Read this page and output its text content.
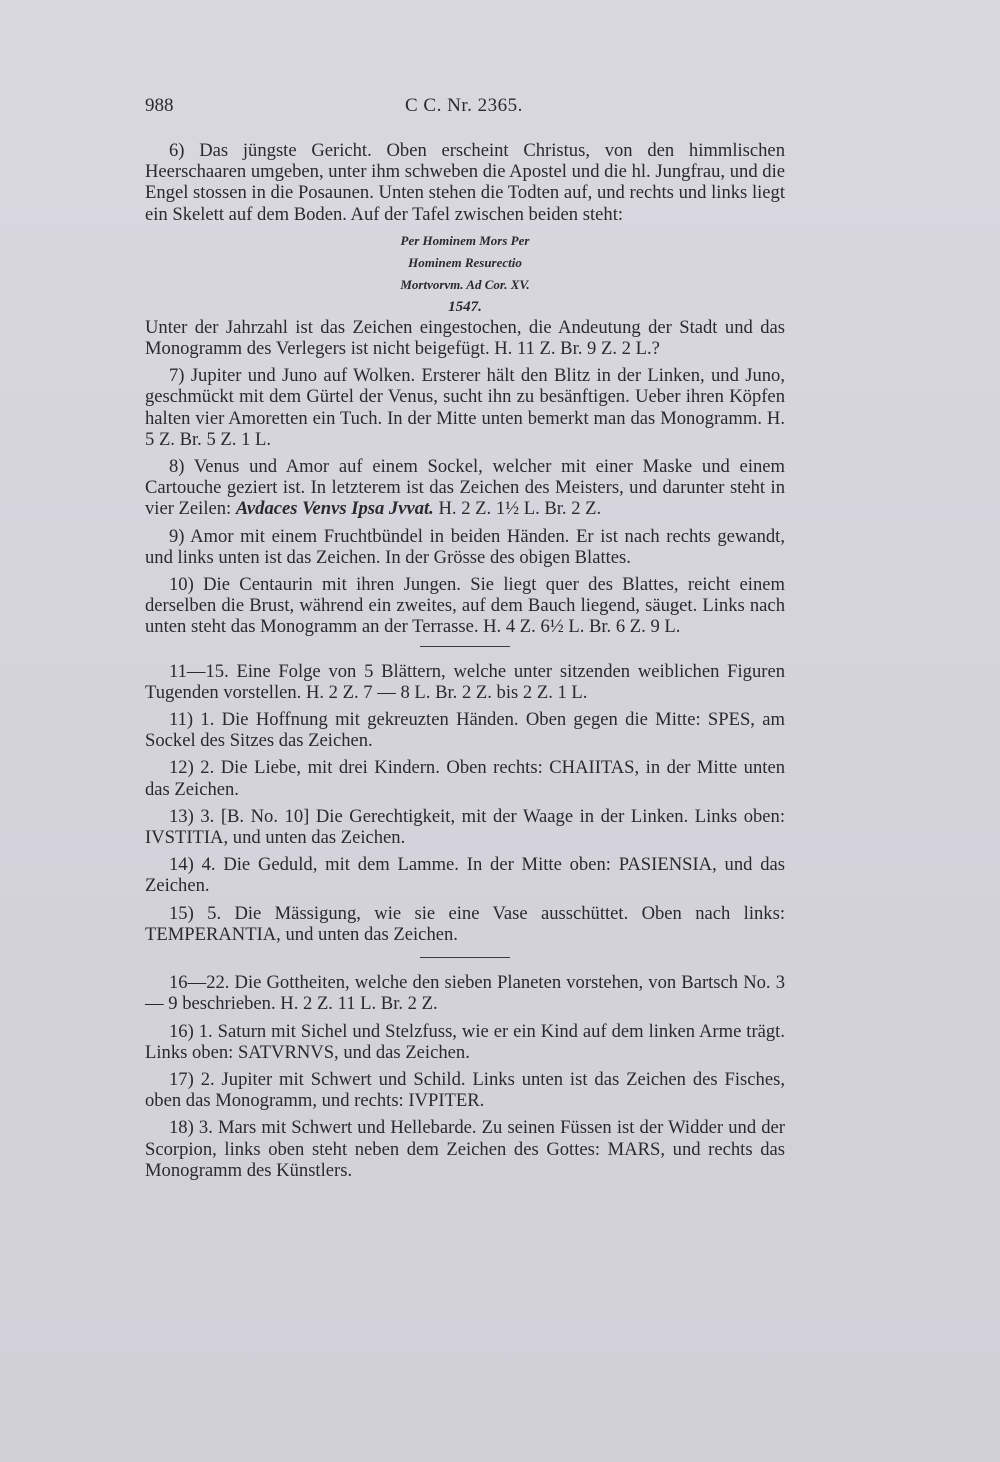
988	C C. Nr. 2365.

6) Das jüngste Gericht. Oben erscheint Christus, von den himmlischen Heerschaaren umgeben, unter ihm schweben die Apostel und die hl. Jungfrau, und die Engel stossen in die Posaunen. Unten stehen die Todten auf, und rechts und links liegt ein Skelett auf dem Boden. Auf der Tafel zwischen beiden steht:

Per Hominem Mors Per
Hominem Resurectio
Mortvorvm. Ad Cor. XV.
1547.

Unter der Jahrzahl ist das Zeichen eingestochen, die Andeutung der Stadt und das Monogramm des Verlegers ist nicht beigefügt. H. 11 Z. Br. 9 Z. 2 L.?

7) Jupiter und Juno auf Wolken. Ersterer hält den Blitz in der Linken, und Juno, geschmückt mit dem Gürtel der Venus, sucht ihn zu besänftigen. Ueber ihren Köpfen halten vier Amoretten ein Tuch. In der Mitte unten bemerkt man das Monogramm. H. 5 Z. Br. 5 Z. 1 L.

8) Venus und Amor auf einem Sockel, welcher mit einer Maske und einem Cartouche geziert ist. In letzterem ist das Zeichen des Meisters, und darunter steht in vier Zeilen: Avdaces Venvs Ipsa Jvvat. H. 2 Z. 1½ L. Br. 2 Z.

9) Amor mit einem Fruchtbündel in beiden Händen. Er ist nach rechts gewandt, und links unten ist das Zeichen. In der Grösse des obigen Blattes.

10) Die Centaurin mit ihren Jungen. Sie liegt quer des Blattes, reicht einem derselben die Brust, während ein zweites, auf dem Bauch liegend, säuget. Links nach unten steht das Monogramm an der Terrasse. H. 4 Z. 6½ L. Br. 6 Z. 9 L.

11—15. Eine Folge von 5 Blättern, welche unter sitzenden weiblichen Figuren Tugenden vorstellen. H. 2 Z. 7 — 8 L. Br. 2 Z. bis 2 Z. 1 L.

11) 1. Die Hoffnung mit gekreuzten Händen. Oben gegen die Mitte: SPES, am Sockel des Sitzes das Zeichen.

12) 2. Die Liebe, mit drei Kindern. Oben rechts: CHAIITAS, in der Mitte unten das Zeichen.

13) 3. [B. No. 10] Die Gerechtigkeit, mit der Waage in der Linken. Links oben: IVSTITIA, und unten das Zeichen.

14) 4. Die Geduld, mit dem Lamme. In der Mitte oben: PASIENSIA, und das Zeichen.

15) 5. Die Mässigung, wie sie eine Vase ausschüttet. Oben nach links: TEMPERANTIA, und unten das Zeichen.

16—22. Die Gottheiten, welche den sieben Planeten vorstehen, von Bartsch No. 3 — 9 beschrieben. H. 2 Z. 11 L. Br. 2 Z.

16) 1. Saturn mit Sichel und Stelzfuss, wie er ein Kind auf dem linken Arme trägt. Links oben: SATVRNVS, und das Zeichen.

17) 2. Jupiter mit Schwert und Schild. Links unten ist das Zeichen des Fisches, oben das Monogramm, und rechts: IVPITER.

18) 3. Mars mit Schwert und Hellebarde. Zu seinen Füssen ist der Widder und der Scorpion, links oben steht neben dem Zeichen des Gottes: MARS, und rechts das Monogramm des Künstlers.
